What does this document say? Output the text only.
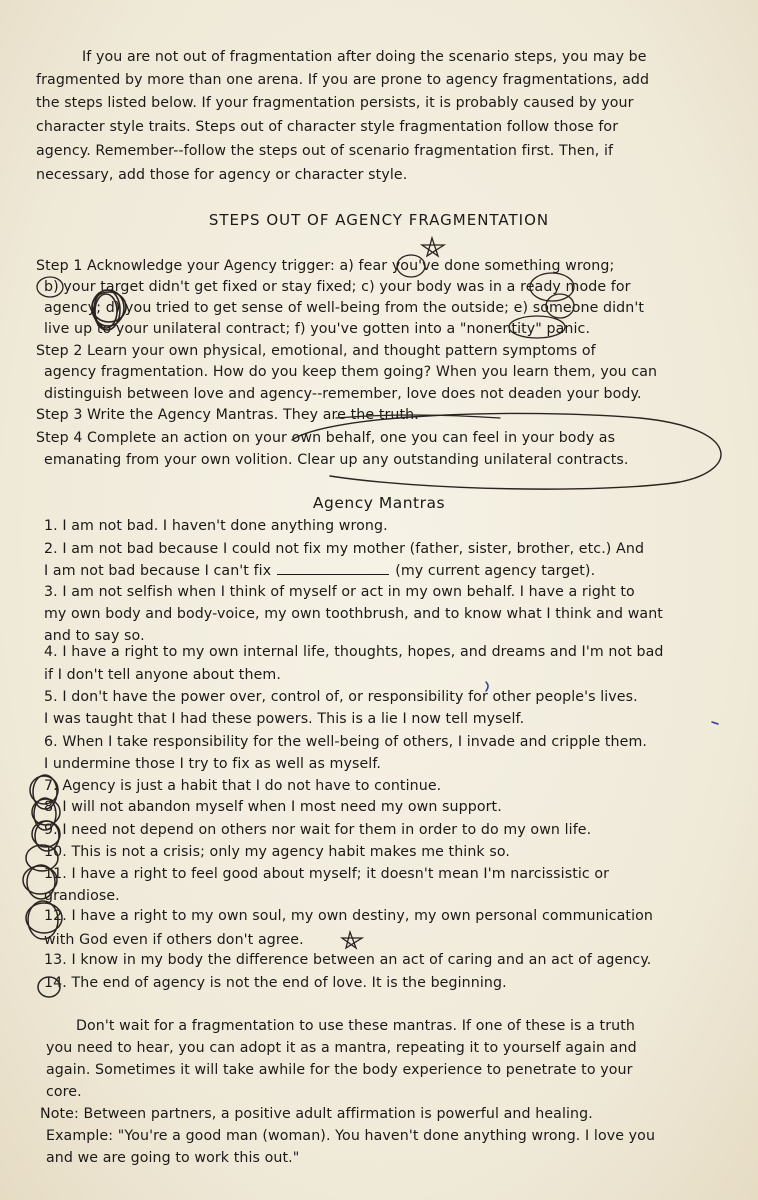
If you are not out of fragmentation after doing the scenario steps, you may be
fragmented by more than one arena. If you are prone to agency fragmentations, add
the steps listed below. If your fragmentation persists, it is probably caused by your
character style traits. Steps out of character style fragmentation follow those for
agency. Remember--follow the steps out of scenario fragmentation first. Then, if
necessary, add those for agency or character style.
STEPS OUT OF AGENCY FRAGMENTATION
Step 1 Acknowledge your Agency trigger: a) fear you've done something wrong;
b) your target didn't get fixed or stay fixed; c) your body was in a ready mode for
agency; d) you tried to get sense of well-being from the outside; e) someone didn't
live up to your unilateral contract; f) you've gotten into a "nonentity" panic.
Step 2 Learn your own physical, emotional, and thought pattern symptoms of
agency fragmentation. How do you keep them going? When you learn them, you can
distinguish between love and agency--remember, love does not deaden your body.
Step 3 Write the Agency Mantras. They are the truth.
Step 4 Complete an action on your own behalf, one you can feel in your body as
emanating from your own volition. Clear up any outstanding unilateral contracts.
Agency Mantras
1. I am not bad. I haven't done anything wrong.
2. I am not bad because I could not fix my mother (father, sister, brother, etc.) And
I am not bad because I can't fix	(my current agency target).
3. I am not selfish when I think of myself or act in my own behalf. I have a right to
my own body and body-voice, my own toothbrush, and to know what I think and want
and to say so.
4. I have a right to my own internal life, thoughts, hopes, and dreams and I'm not bad
if I don't tell anyone about them.
5. I don't have the power over, control of, or responsibility for other people's lives.
I was taught that I had these powers. This is a lie I now tell myself.
6. When I take responsibility for the well-being of others, I invade and cripple them.
I undermine those I try to fix as well as myself.
7. Agency is just a habit that I do not have to continue.
8. I will not abandon myself when I most need my own support.
9. I need not depend on others nor wait for them in order to do my own life.
10. This is not a crisis; only my agency habit makes me think so.
11. I have a right to feel good about myself; it doesn't mean I'm narcissistic or
grandiose.
12. I have a right to my own soul, my own destiny, my own personal communication
with God even if others don't agree.
13. I know in my body the difference between an act of caring and an act of agency.
14. The end of agency is not the end of love. It is the beginning.
Don't wait for a fragmentation to use these mantras. If one of these is a truth
you need to hear, you can adopt it as a mantra, repeating it to yourself again and
again. Sometimes it will take awhile for the body experience to penetrate to your
core.
Note: Between partners, a positive adult affirmation is powerful and healing.
Example: "You're a good man (woman). You haven't done anything wrong. I love you
and we are going to work this out."
